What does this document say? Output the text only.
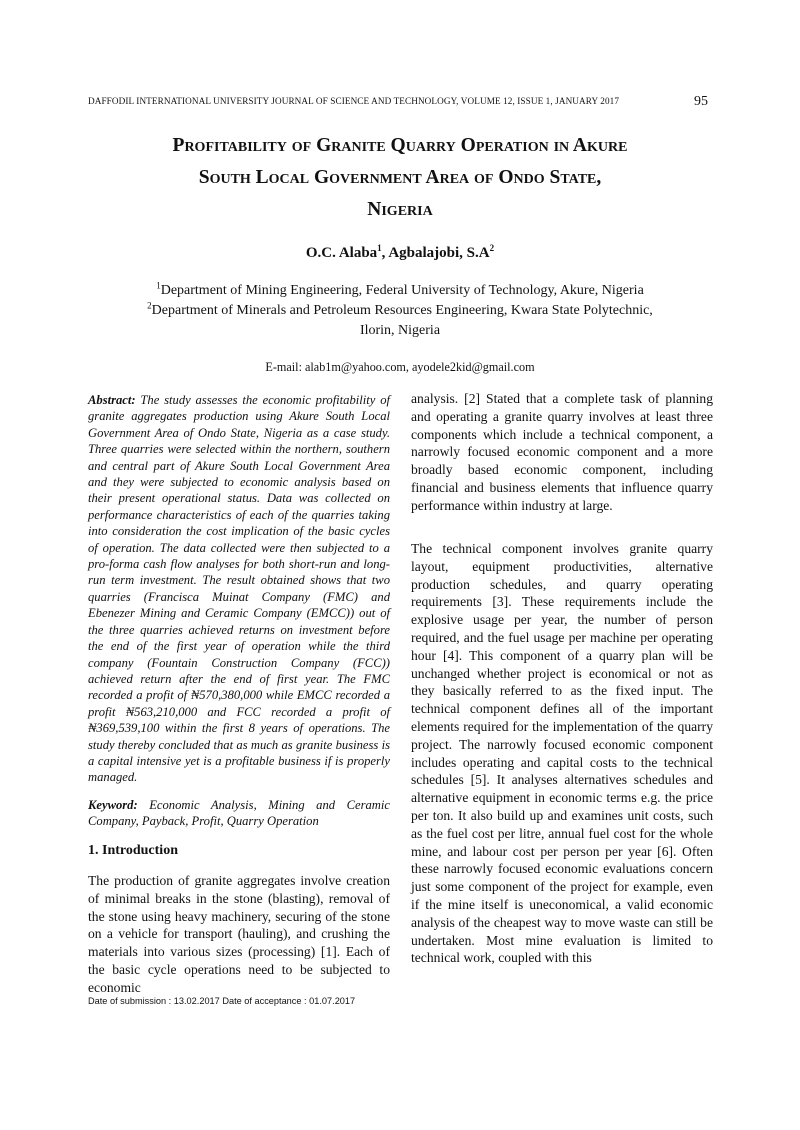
DAFFODIL INTERNATIONAL UNIVERSITY JOURNAL OF SCIENCE AND TECHNOLOGY, VOLUME 12, ISSUE 1, JANUARY 2017	95
Profitability of Granite Quarry Operation in Akure
South Local Government Area of Ondo State,
Nigeria
O.C. Alaba$^1$, Agbalajobi, $S.A^2$
$^1$Department of Mining Engineering, Federal University of Technology, Akure, Nigeria
$^2$Department of Minerals and Petroleum Resources Engineering, Kwara State Polytechnic,
Ilorin, Nigeria
E-mail: alab1m@yahoo.com, ayodele2kid@gmail.com

Abstract: The study assesses the economic profitability of granite aggregates production using Akure South Local Government Area of Ondo State, Nigeria as a case study. Three quarries were selected within the northern, southern and central part of Akure South Local Government Area and they were subjected to economic analysis based on their present operational status. Data was collected on performance characteristics of each of the quarries taking into consideration the cost implication of the basic cycles of operation. The data collected were then subjected to a pro-forma cash flow analyses for both short-run and long-run term investment. The result obtained shows that two quarries (Francisca Muinat Company (FMC) and Ebenezer Mining and Ceramic Company (EMCC)) out of the three quarries achieved returns on investment before the end of the first year of operation while the third company (Fountain Construction Company (FCC)) achieved return after the end of first year. The FMC recorded a profit of ₦570,380,000 while EMCC recorded a profit ₦563,210,000 and FCC recorded a profit of ₦369,539,100 within the first 8 years of operations. The study thereby concluded that as much as granite business is a capital intensive yet is a profitable business if is properly managed.

Keyword: Economic Analysis, Mining and Ceramic Company, Payback, Profit, Quarry Operation

1. Introduction
The production of granite aggregates involve creation of minimal breaks in the stone (blasting), removal of the stone using heavy machinery, securing of the stone on a vehicle for transport (hauling), and crushing the materials into various sizes (processing) [1]. Each of the basic cycle operations need to be subjected to economic
Date of submission : 13.02.2017 Date of acceptance : 01.07.2017
analysis. [2] Stated that a complete task of planning and operating a granite quarry involves at least three components which include a technical component, a narrowly focused economic component and a more broadly based economic component, including financial and business elements that influence quarry performance within industry at large.
The technical component involves granite quarry layout, equipment productivities, alternative production schedules, and quarry operating requirements [3]. These requirements include the explosive usage per year, the number of person required, and the fuel usage per machine per operating hour [4]. This component of a quarry plan will be unchanged whether project is economical or not as they basically referred to as the fixed input. The technical component defines all of the important elements required for the implementation of the quarry project. The narrowly focused economic component includes operating and capital costs to the technical schedules [5]. It analyses alternatives schedules and alternative equipment in economic terms e.g. the price per ton. It also build up and examines unit costs, such as the fuel cost per litre, annual fuel cost for the whole mine, and labour cost per person per year [6]. Often these narrowly focused economic evaluations concern just some component of the project for example, even if the mine itself is uneconomical, a valid economic analysis of the cheapest way to move waste can still be undertaken. Most mine evaluation is limited to technical work, coupled with this
